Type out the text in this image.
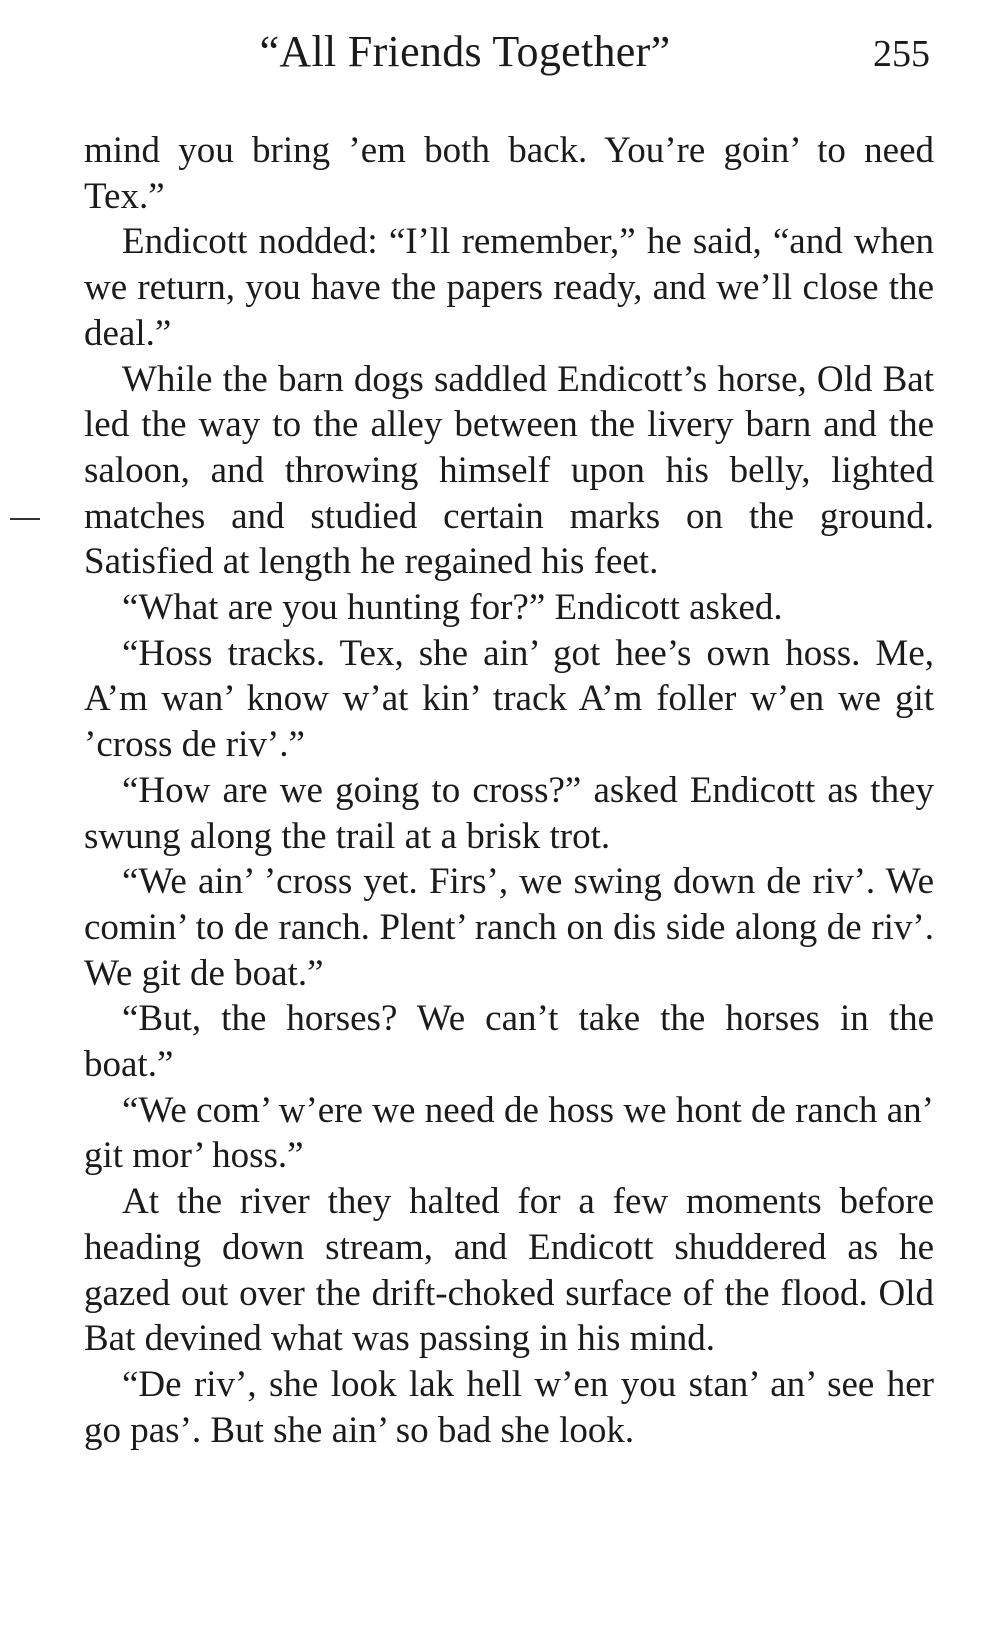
“All Friends Together”	255

mind you bring ’em both back. You’re goin’ to need Tex.”

Endicott nodded: “I’ll remember,” he said, “and when we return, you have the papers ready, and we’ll close the deal.”

While the barn dogs saddled Endicott’s horse, Old Bat led the way to the alley between the livery barn and the saloon, and throwing himself upon his belly, lighted matches and studied certain marks on the ground. Satisfied at length he regained his feet.

“What are you hunting for?” Endicott asked.

“Hoss tracks. Tex, she ain’ got hee’s own hoss. Me, A’m wan’ know w’at kin’ track A’m foller w’en we git ’cross de riv’.”

“How are we going to cross?” asked Endicott as they swung along the trail at a brisk trot.

“We ain’ ’cross yet. Firs’, we swing down de riv’. We comin’ to de ranch. Plent’ ranch on dis side along de riv’. We git de boat.”

“But, the horses? We can’t take the horses in the boat.”

“We com’ w’ere we need de hoss we hont de ranch an’ git mor’ hoss.”

At the river they halted for a few moments before heading down stream, and Endicott shuddered as he gazed out over the drift-choked surface of the flood. Old Bat devined what was passing in his mind.

“De riv’, she look lak hell w’en you stan’ an’ see her go pas’. But she ain’ so bad she look.
